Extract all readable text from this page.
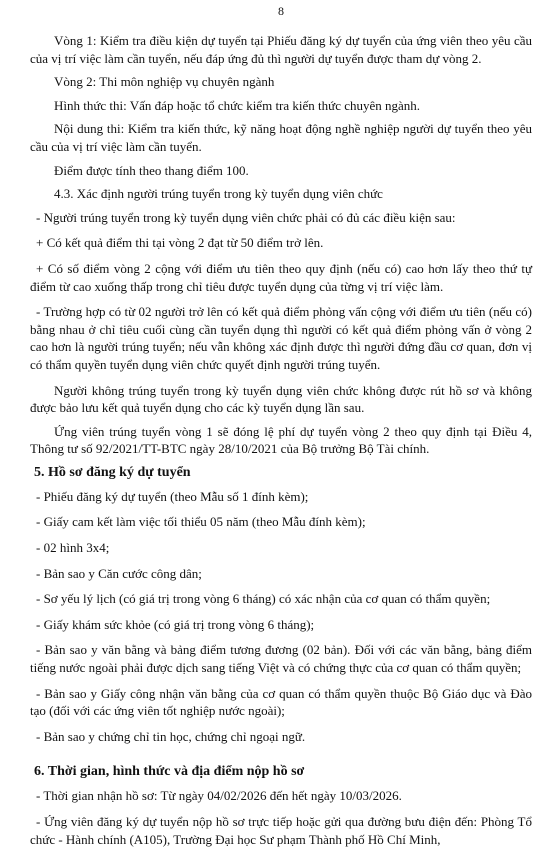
8

Vòng 1: Kiểm tra điều kiện dự tuyển tại Phiếu đăng ký dự tuyển của ứng viên theo yêu cầu của vị trí việc làm cần tuyển, nếu đáp ứng đủ thì người dự tuyển được tham dự vòng 2.

Vòng 2: Thi môn nghiệp vụ chuyên ngành

Hình thức thi: Vấn đáp hoặc tổ chức kiểm tra kiến thức chuyên ngành.

Nội dung thi: Kiểm tra kiến thức, kỹ năng hoạt động nghề nghiệp người dự tuyển theo yêu cầu của vị trí việc làm cần tuyển.

Điểm được tính theo thang điểm 100.

4.3. Xác định người trúng tuyển trong kỳ tuyển dụng viên chức

- Người trúng tuyển trong kỳ tuyển dụng viên chức phải có đủ các điều kiện sau:

+ Có kết quả điểm thi tại vòng 2 đạt từ 50 điểm trở lên.

+ Có số điểm vòng 2 cộng với điểm ưu tiên theo quy định (nếu có) cao hơn lấy theo thứ tự điểm từ cao xuống thấp trong chỉ tiêu được tuyển dụng của từng vị trí việc làm.

- Trường hợp có từ 02 người trở lên có kết quả điểm phỏng vấn cộng với điểm ưu tiên (nếu có) bằng nhau ở chỉ tiêu cuối cùng cần tuyển dụng thì người có kết quả điểm phỏng vấn ở vòng 2 cao hơn là người trúng tuyển; nếu vẫn không xác định được thì người đứng đầu cơ quan, đơn vị có thẩm quyền tuyển dụng viên chức quyết định người trúng tuyển.

Người không trúng tuyển trong kỳ tuyển dụng viên chức không được rút hồ sơ và không được bảo lưu kết quả tuyển dụng cho các kỳ tuyển dụng lần sau.

Ứng viên trúng tuyển vòng 1 sẽ đóng lệ phí dự tuyển vòng 2 theo quy định tại Điều 4, Thông tư số 92/2021/TT-BTC ngày 28/10/2021 của Bộ trưởng Bộ Tài chính.

5. Hồ sơ đăng ký dự tuyển

- Phiếu đăng ký dự tuyển (theo Mẫu số 1 đính kèm);

- Giấy cam kết làm việc tối thiểu 05 năm (theo Mẫu đính kèm);

- 02 hình 3x4;

- Bản sao y Căn cước công dân;

- Sơ yếu lý lịch (có giá trị trong vòng 6 tháng) có xác nhận của cơ quan có thẩm quyền;

- Giấy khám sức khỏe (có giá trị trong vòng 6 tháng);

- Bản sao y văn bằng và bảng điểm tương đương (02 bản). Đối với các văn bằng, bảng điểm tiếng nước ngoài phải được dịch sang tiếng Việt và có chứng thực của cơ quan có thẩm quyền;

- Bản sao y Giấy công nhận văn bằng của cơ quan có thẩm quyền thuộc Bộ Giáo dục và Đào tạo (đối với các ứng viên tốt nghiệp nước ngoài);

- Bản sao y chứng chỉ tin học, chứng chỉ ngoại ngữ.

6. Thời gian, hình thức và địa điểm nộp hồ sơ

- Thời gian nhận hồ sơ: Từ ngày 04/02/2026 đến hết ngày 10/03/2026.

- Ứng viên đăng ký dự tuyển nộp hồ sơ trực tiếp hoặc gửi qua đường bưu điện đến: Phòng Tổ chức - Hành chính (A105), Trường Đại học Sư phạm Thành phố Hồ Chí Minh,
